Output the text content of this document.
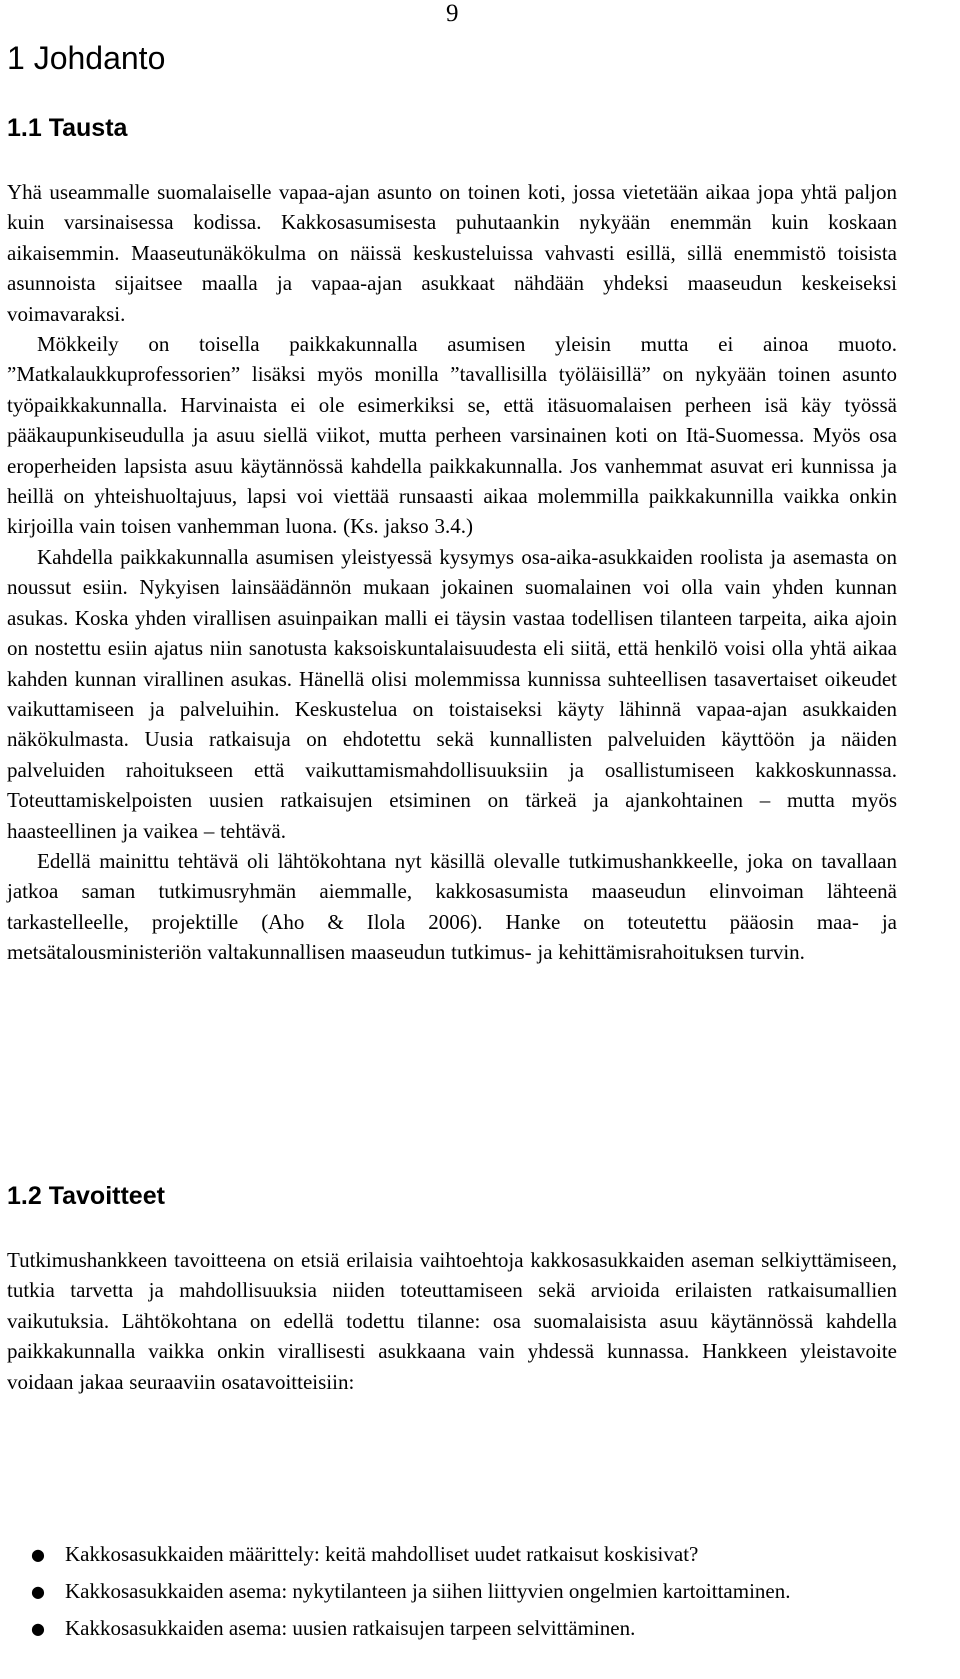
9
1 Johdanto
1.1 Tausta

Yhä useammalle suomalaiselle vapaa-ajan asunto on toinen koti, jossa vietetään aikaa jopa yhtä paljon kuin varsinaisessa kodissa. Kakkosasumisesta puhutaankin nykyään enemmän kuin koskaan aikaisemmin. Maaseutunäkökulma on näissä keskusteluissa vahvasti esillä, sillä enemmistö toisista asunnoista sijaitsee maalla ja vapaa-ajan asukkaat nähdään yhdeksi maaseudun keskeiseksi voimavaraksi.

Mökkeily on toisella paikkakunnalla asumisen yleisin mutta ei ainoa muoto. ”Matkalaukkuprofessorien” lisäksi myös monilla ”tavallisilla työläisillä” on nykyään toinen asunto työpaikkakunnalla. Harvinaista ei ole esimerkiksi se, että itäsuomalaisen perheen isä käy työssä pääkaupunkiseudulla ja asuu siellä viikot, mutta perheen varsinainen koti on Itä-Suomessa. Myös osa eroperheiden lapsista asuu käytännössä kahdella paikkakunnalla. Jos vanhemmat asuvat eri kunnissa ja heillä on yhteishuoltajuus, lapsi voi viettää runsaasti aikaa molemmilla paikkakunnilla vaikka onkin kirjoilla vain toisen vanhemman luona. (Ks. jakso 3.4.)

Kahdella paikkakunnalla asumisen yleistyessä kysymys osa-aika-asukkaiden roolista ja asemasta on noussut esiin. Nykyisen lainsäädännön mukaan jokainen suomalainen voi olla vain yhden kunnan asukas. Koska yhden virallisen asuinpaikan malli ei täysin vastaa todellisen tilanteen tarpeita, aika ajoin on nostettu esiin ajatus niin sanotusta kaksoiskuntalaisuudesta eli siitä, että henkilö voisi olla yhtä aikaa kahden kunnan virallinen asukas. Hänellä olisi molemmissa kunnissa suhteellisen tasavertaiset oikeudet vaikuttamiseen ja palveluihin. Keskustelua on toistaiseksi käyty lähinnä vapaa-ajan asukkaiden näkökulmasta. Uusia ratkaisuja on ehdotettu sekä kunnallisten palveluiden käyttöön ja näiden palveluiden rahoitukseen että vaikuttamismahdollisuuksiin ja osallistumiseen kakkoskunnassa. Toteuttamiskelpoisten uusien ratkaisujen etsiminen on tärkeä ja ajankohtainen – mutta myös haasteellinen ja vaikea – tehtävä.

Edellä mainittu tehtävä oli lähtökohtana nyt käsillä olevalle tutkimushankkeelle, joka on tavallaan jatkoa saman tutkimusryhmän aiemmalle, kakkosasumista maaseudun elinvoiman lähteenä tarkastelleelle, projektille (Aho & Ilola 2006). Hanke on toteutettu pääosin maa- ja metsätalousministeriön valtakunnallisen maaseudun tutkimus- ja kehittämisrahoituksen turvin.

1.2 Tavoitteet

Tutkimushankkeen tavoitteena on etsiä erilaisia vaihtoehtoja kakkosasukkaiden aseman selkiyttämiseen, tutkia tarvetta ja mahdollisuuksia niiden toteuttamiseen sekä arvioida erilaisten ratkaisumallien vaikutuksia. Lähtökohtana on edellä todettu tilanne: osa suomalaisista asuu käytännössä kahdella paikkakunnalla vaikka onkin virallisesti asukkaana vain yhdessä kunnassa. Hankkeen yleistavoite voidaan jakaa seuraaviin osatavoitteisiin:

● Kakkosasukkaiden määrittely: keitä mahdolliset uudet ratkaisut koskisivat?
● Kakkosasukkaiden asema: nykytilanteen ja siihen liittyvien ongelmien kartoittaminen.
● Kakkosasukkaiden asema: uusien ratkaisujen tarpeen selvittäminen.
